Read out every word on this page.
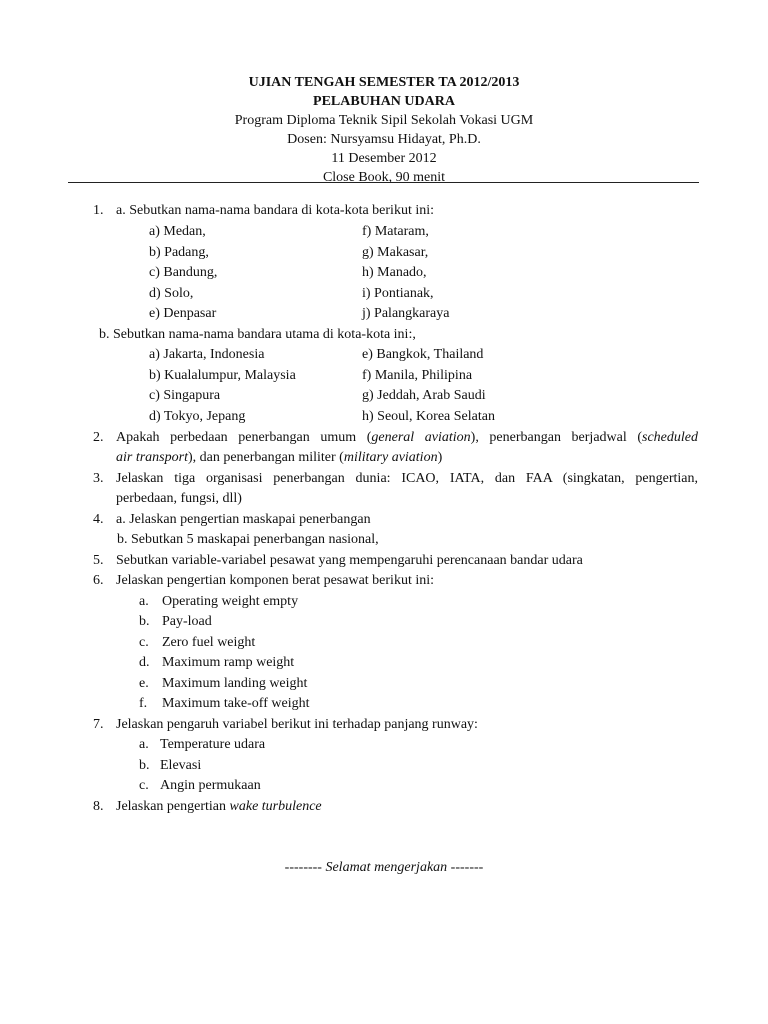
UJIAN TENGAH SEMESTER TA 2012/2013
PELABUHAN UDARA
Program Diploma Teknik Sipil Sekolah Vokasi UGM
Dosen: Nursyamsu Hidayat, Ph.D.
11 Desember 2012
Close Book, 90 menit
1. a. Sebutkan nama-nama bandara di kota-kota berikut ini:
a) Medan,
b) Padang,
c) Bandung,
d) Solo,
e) Denpasar
f) Mataram,
g) Makasar,
h) Manado,
i) Pontianak,
j) Palangkaraya
b. Sebutkan nama-nama bandara utama di kota-kota ini:,
a) Jakarta, Indonesia
b) Kualalumpur, Malaysia
c) Singapura
d) Tokyo, Jepang
e) Bangkok, Thailand
f) Manila, Philipina
g) Jeddah, Arab Saudi
h) Seoul, Korea Selatan
2. Apakah perbedaan penerbangan umum (general aviation), penerbangan berjadwal (scheduled
air transport), dan penerbangan militer (military aviation)
3. Jelaskan tiga organisasi penerbangan dunia: ICAO, IATA, dan FAA (singkatan, pengertian,
perbedaan, fungsi, dll)
4. a. Jelaskan pengertian maskapai penerbangan
b. Sebutkan 5 maskapai penerbangan nasional,
5. Sebutkan variable-variabel pesawat yang mempengaruhi perencanaan bandar udara
6. Jelaskan pengertian komponen berat pesawat berikut ini:
a. Operating weight empty
b. Pay-load
c. Zero fuel weight
d. Maximum ramp weight
e. Maximum landing weight
f. Maximum take-off weight
7. Jelaskan pengaruh variabel berikut ini terhadap panjang runway:
a. Temperature udara
b. Elevasi
c. Angin permukaan
8. Jelaskan pengertian wake turbulence
-------- Selamat mengerjakan -------
